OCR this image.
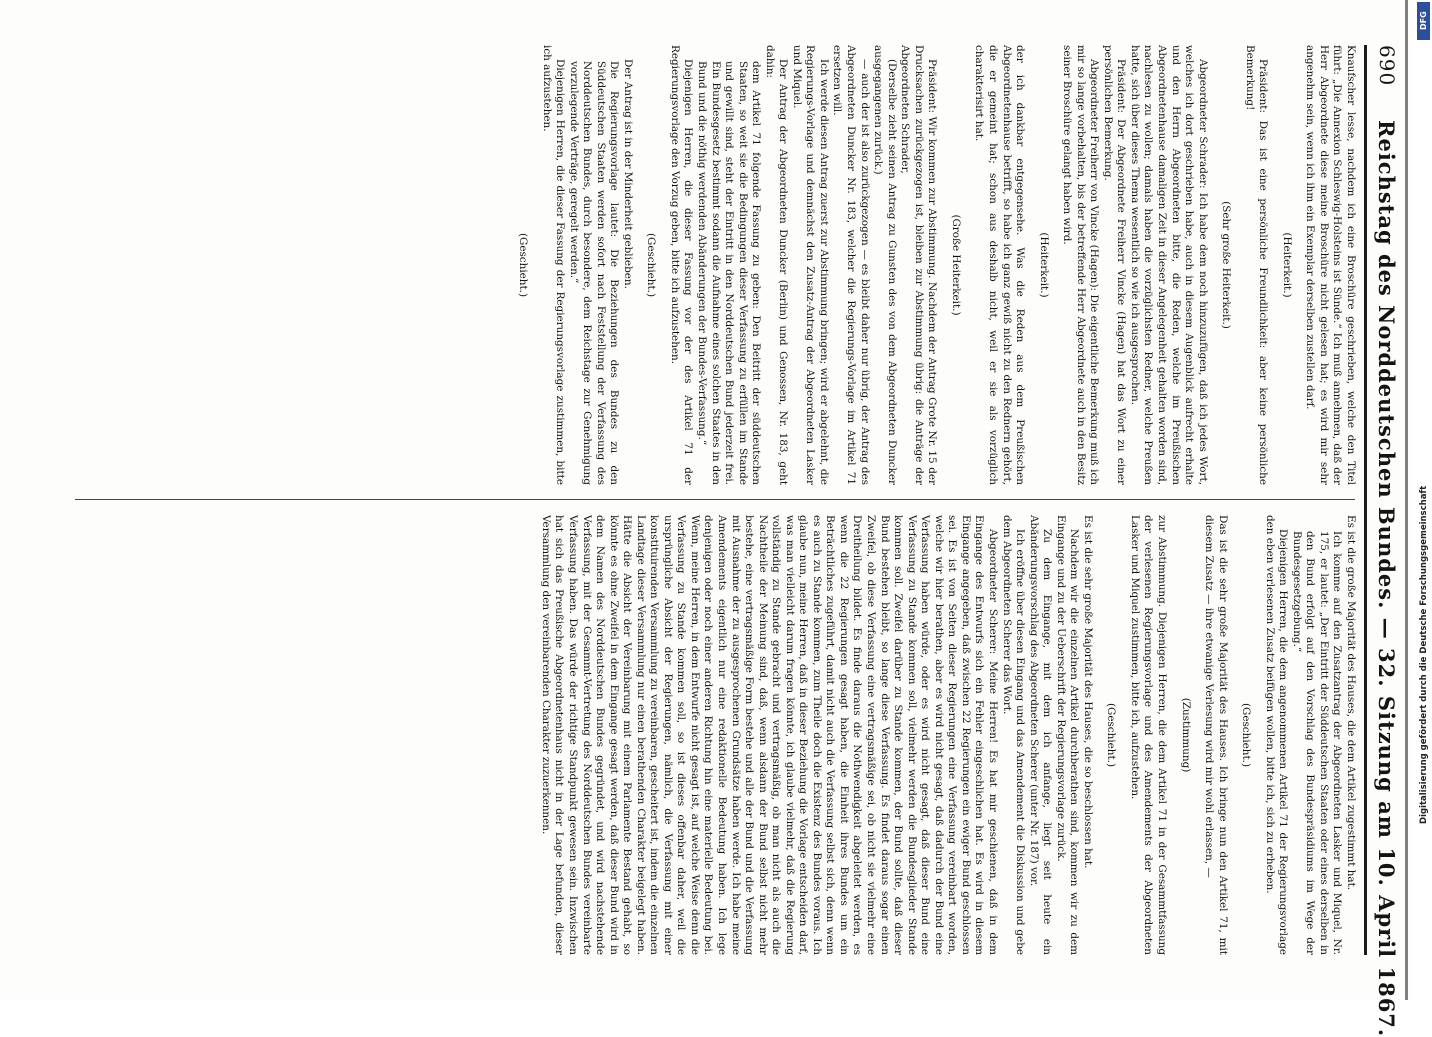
690
Reichstag des Norddeutschen Bundes. — 32. Sitzung am 10. April 1867.

Knaufscher lesse, nachdem ich eine Broschüre geschrieben, welche den Titel führt: „Die Annexion Schleswig-Holsteins ist Sünde.“ Ich muß annehmen, daß der Herr Abgeordnete diese meine Broschüre nicht gelesen hat; es wird mir sehr angenehm sein, wenn ich ihm ein Exemplar derselben zustellen darf.

(Heiterkeit.)

Präsident: Das ist eine persönliche Freundlichkeit: aber keine persönliche Bemerkung!

(Sehr große Heiterkeit.)

Abgeordneter Schrader: Ich habe dem noch hinzuzufügen, daß ich jedes Wort, welches ich dort geschrieben habe, auch in diesem Augenblick aufrecht erhalte und den Herrn Abgeordneten bitte, die Reden, welche im Preußischen Abgeordnetenhause damaligen Zeit in dieser Angelegenheit gehalten worden sind, nachlesen zu wollen; damals haben die vorzüglichsten Redner, welche Preußen hatte, sich über dieses Thema wesentlich so wie ich ausgesprochen.

Präsident: Der Abgeordnete Freiherr Vincke (Hagen) hat das Wort zu einer persönlichen Bemerkung.

Abgeordneter Freiherr von Vincke (Hagen): Die eigentliche Bemerkung muß ich mir so lange vorbehalten, bis der betreffende Herr Abgeordnete auch in den Besitz seiner Broschüre gelangt haben wird.

(Heiterkeit.)

der ich dankbar entgegensehe. Was die Reden aus dem Preußischen Abgeordnetenhause betrifft, so habe ich ganz gewiß nicht zu den Rednern gehört, die er gemeint hat; schon aus deshalb nicht, weil er sie als vorzüglich charakterisirt hat.

(Große Heiterkeit.)

Präsident: Wir kommen zur Abstimmung. Nachdem der Antrag Grote Nr. 15 der Drucksachen zurückgezogen ist, bleiben zur Abstimmung übrig: die Anträge der Abgeordneten Schrader,

(Derselbe zieht seinen Antrag zu Gunsten des von dem Abgeordneten Duncker ausgegangenen zurück.)

— auch der ist also zurückgezogen — es bleibt daher nur übrig, der Antrag des Abgeordneten Duncker Nr. 183, welcher die Regierungs-Vorlage im Artikel 71 ersetzen will.

Ich werde diesen Antrag zuerst zur Abstimmung bringen; wird er abgelehnt, die Regierungs-Vorlage und demnächst den Zusatz-Antrag der Abgeordneten Lasker und Miquel.

Der Antrag der Abgeordneten Duncker (Berlin) und Genossen, Nr. 183, geht dahin:

dem Artikel 71 folgende Fassung zu geben: Den Beitritt der süddeutschen Staaten, so weit sie die Bedingungen dieser Verfassung zu erfüllen im Stande und gewillt sind, steht der Eintritt in den Norddeutschen Bund jederzeit frei. Ein Bundesgesetz bestimmt sodann die Aufnahme eines solchen Staates in den Bund und die nöthig werdenden Abänderungen der Bundes-Verfassung.“

Diejenigen Herren, die dieser Fassung vor der des Artikel 71 der Regierungsvorlage den Vorzug geben, bitte ich aufzustehen.

(Geschieht.)

Der Antrag ist in der Minderheit geblieben.

Die Regierungsvorlage lautet: Die Beziehungen des Bundes zu den Süddeutschen Staaten werden sofort nach Feststellung der Verfassung des Norddeutschen Bundes, durch besondere, dem Reichstage zur Genehmigung vorzulegende Verträge, geregelt werden.“

Diejenigen Herren, die dieser Fassung der Regierungsvorlage zustimmen, bitte ich aufzustehen.

(Geschieht.)

Es ist die große Majorität des Hauses, die dem Artikel zugestimmt hat.

Ich komme auf den Zusatzantrag der Abgeordneten Lasker und Miquel, Nr. 175, er lautet: „Der Eintritt der Süddeutschen Staaten oder eines derselben in den Bund erfolgt auf den Vorschlag des Bundespräsidiums im Wege der Bundesgesetzgebung.“

Diejenigen Herren, die dem angenommenen Artikel 71 der Regierungsvorlage den eben verlesenen Zusatz beifügen wollen, bitte ich, sich zu erheben.

(Geschieht.)

Das ist die sehr große Majorität des Hauses. Ich bringe nun den Artikel 71, mit diesem Zusatz — ihre etwanige Verlesung wird mir wohl erlassen, —

(Zustimmung)

zur Abstimmung. Diejenigen Herren, die dem Artikel 71 in der Gesammtfassung der verlesenen Regierungsvorlage und des Amendements der Abgeordneten Lasker und Miquel zustimmen, bitte ich, aufzustehen.

(Geschieht.)

Es ist die sehr große Majorität des Hauses, die so beschlossen hat.

Nachdem wir die einzelnen Artikel durchberathen sind, kommen wir zu dem Eingange und zu der Ueberschrift der Regierungsvorlage zurück.

Zu dem Eingange, mit dem ich anfange, liegt seit heute ein Abänderungsvorschlag des Abgeordneten Scherer (unter Nr. 187) vor.

Ich eröffne über diesen Eingang und das Amendement die Diskussion und gebe dem Abgeordneten Scherer das Wort.

Abgeordneter Scherer: Meine Herren! Es hat mir geschienen, daß in dem Eingange des Entwurfs sich ein Fehler eingeschlichen hat. Es wird in diesem Eingange angegeben, daß zwischen 22 Regierungen ein ewiger Bund geschlossen sei. Es ist von Seiten dieser Regierungen eine Verfassung vereinbart worden, welche wir hier berathen, aber es wird nicht gesagt, daß dadurch der Bund eine Verfassung haben würde, oder es wird nicht gesagt, daß dieser Bund eine Verfassung zu Stande kommen soll, vielmehr werden die Bundesglieder Stande kommen soll. Zweifel darüber zu Stande kommen, der Bund sollte, daß dieser Bund bestehen bleibt, so lange diese Verfassung. Es findet daraus sogar einen Zweifel, ob diese Verfassung eine vertragsmäßige sei, ob nicht sie vielmehr eine Dreitheilung bildet. Es finde daraus die Nothwendigkeit abgeleitet werden, es wenn die 22 Regierungen gesagt haben, die Einheit ihres Bundes um ein Beträchtliches zugeführt, damit nicht auch die Verfassung selbst sich, denn wenn es auch zu Stande kommen, zum Theile doch die Existenz des Bundes voraus. Ich glaube nun, meine Herren, daß in dieser Beziehung die Vorlage entscheiden darf, was man vielleicht darum fragen könnte, ich glaube vielmehr, daß die Regierung vollständig zu Stande gebracht und vertragsmäßig, ob man nicht als auch die Nachtheile der Meinung sind, daß, wenn alsdann der Bund selbst nicht mehr bestehe, eine vertragsmäßige Form bestehe und alle der Bund und die Verfassung mit Ausnahme der zu ausgesprochenen Grundsätze haben werde. Ich habe meine Amendements eigentlich nur eine redaktionelle Bedeutung haben. Ich lege denjenigen oder noch einer anderen Richtung hin eine materielle Bedeutung bei. Wenn, meine Herren, in dem Entwurfe nicht gesagt ist, auf welche Weise denn die Verfassung zu Stande kommen soll, so ist dieses offenbar daher, weil die ursprüngliche Absicht der Regierungen, nämlich, die Verfassung mit einer konstituirenden Versammlung zu vereinbaren, gescheitert ist, indem die einzelnen Landtage dieser Versammlung nur einen berathenden Charakter beigelegt haben. Hätte die Absicht der Vereinbarung mit einem Parlamente Bestand gehabt, so könnte es ohne Zweifel in dem Eingange gesagt werden, daß dieser Bund wird in dem Namen des Norddeutschen Bundes gegründet, und wird nachstehende Verfassung, mit der Gesammt-Vertretung des Norddeutschen Bundes vereinbarte Verfassung haben. Das würde der richtige Standpunkt gewesen sein. Inzwischen hat sich das Preußische Abgeordnetenhaus nicht in der Lage befunden, dieser Versammlung den vereinbarenden Charakter zuzuerkennen.

DFG
Digitalisierung gefördert durch die Deutsche Forschungsgemeinschaft
